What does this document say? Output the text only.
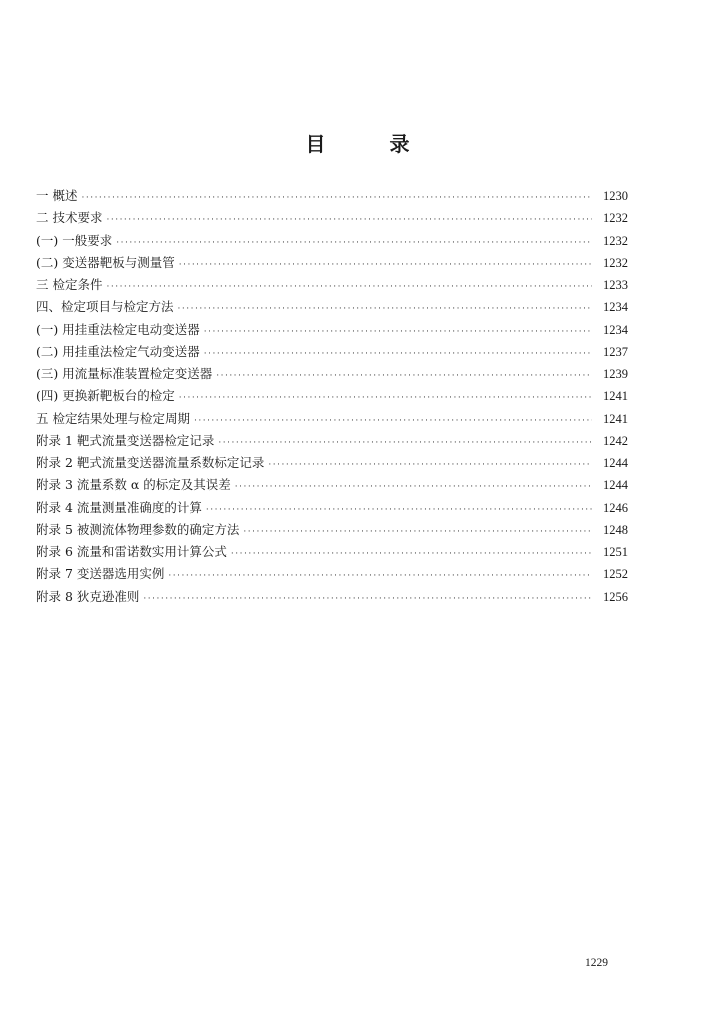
目	录
一 概述 ·····	1230
二 技术要求 ·····	1232
(一) 一般要求 ·····	1232
(二) 变送器靶板与测量管 ·····	1232
三 检定条件 ·····	1233
四、检定项目与检定方法 ·····	1234
(一) 用挂重法检定电动变送器 ·····	1234
(二) 用挂重法检定气动变送器 ·····	1237
(三) 用流量标准装置检定变送器 ·····	1239
(四) 更换新靶板台的检定 ·····	1241
五 检定结果处理与检定周期 ·····	1241
附录 1 靶式流量变送器检定记录 ·····	1242
附录 2 靶式流量变送器流量系数标定记录 ·····	1244
附录 3 流量系数 α 的标定及其误差 ·····	1244
附录 4 流量测量准确度的计算 ·····	1246
附录 5 被测流体物理参数的确定方法 ·····	1248
附录 6 流量和雷诺数实用计算公式 ·····	1251
附录 7 变送器选用实例 ·····	1252
附录 8 狄克逊准则 ·····	1256
1229
